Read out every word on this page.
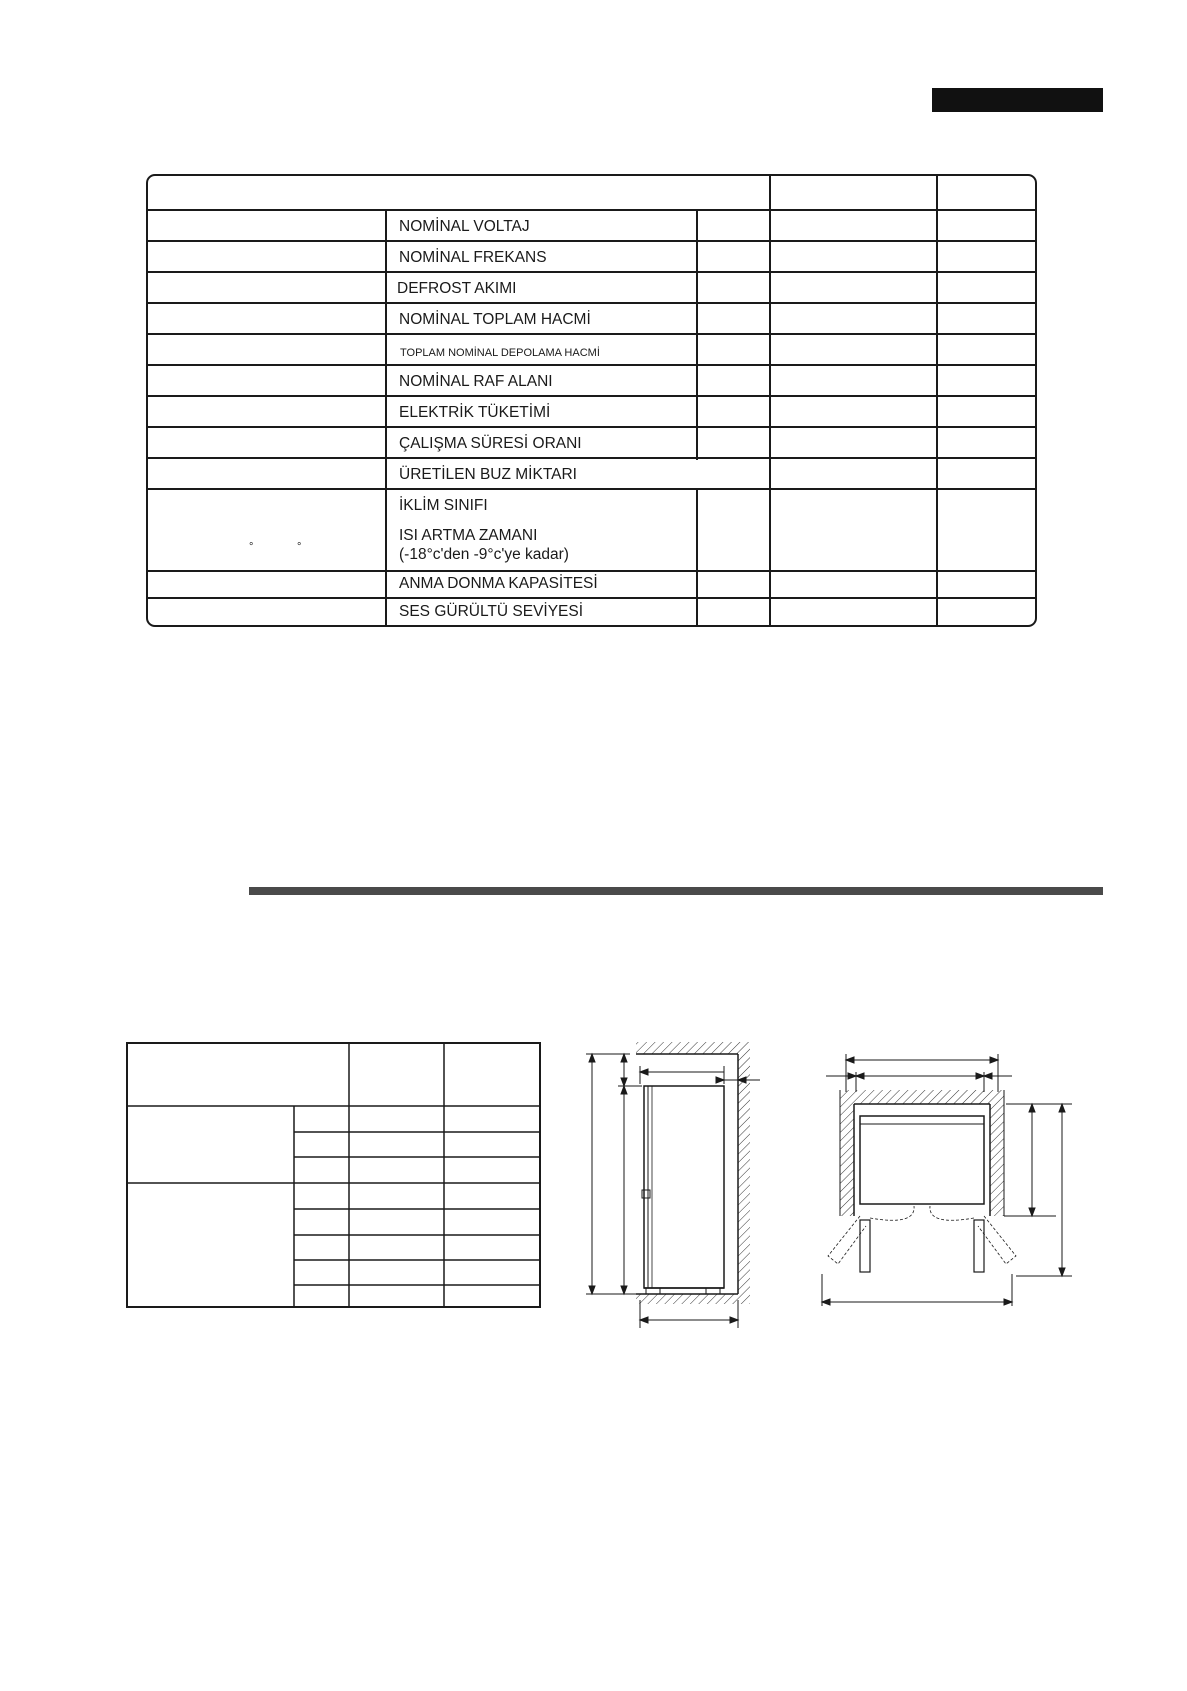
NOMİNAL VOLTAJ
NOMİNAL FREKANS
DEFROST AKIMI
NOMİNAL TOPLAM HACMİ
TOPLAM NOMİNAL DEPOLAMA HACMİ
NOMİNAL RAF ALANI
ELEKTRİK TÜKETİMİ
ÇALIŞMA SÜRESİ ORANI
ÜRETİLEN BUZ MİKTARI
İKLİM SINIFI
ISI ARTMA ZAMANI
(-18°c'den -9°c'ye kadar)
ANMA DONMA KAPASİTESİ
SES GÜRÜLTÜ SEVİYESİ
°	°
